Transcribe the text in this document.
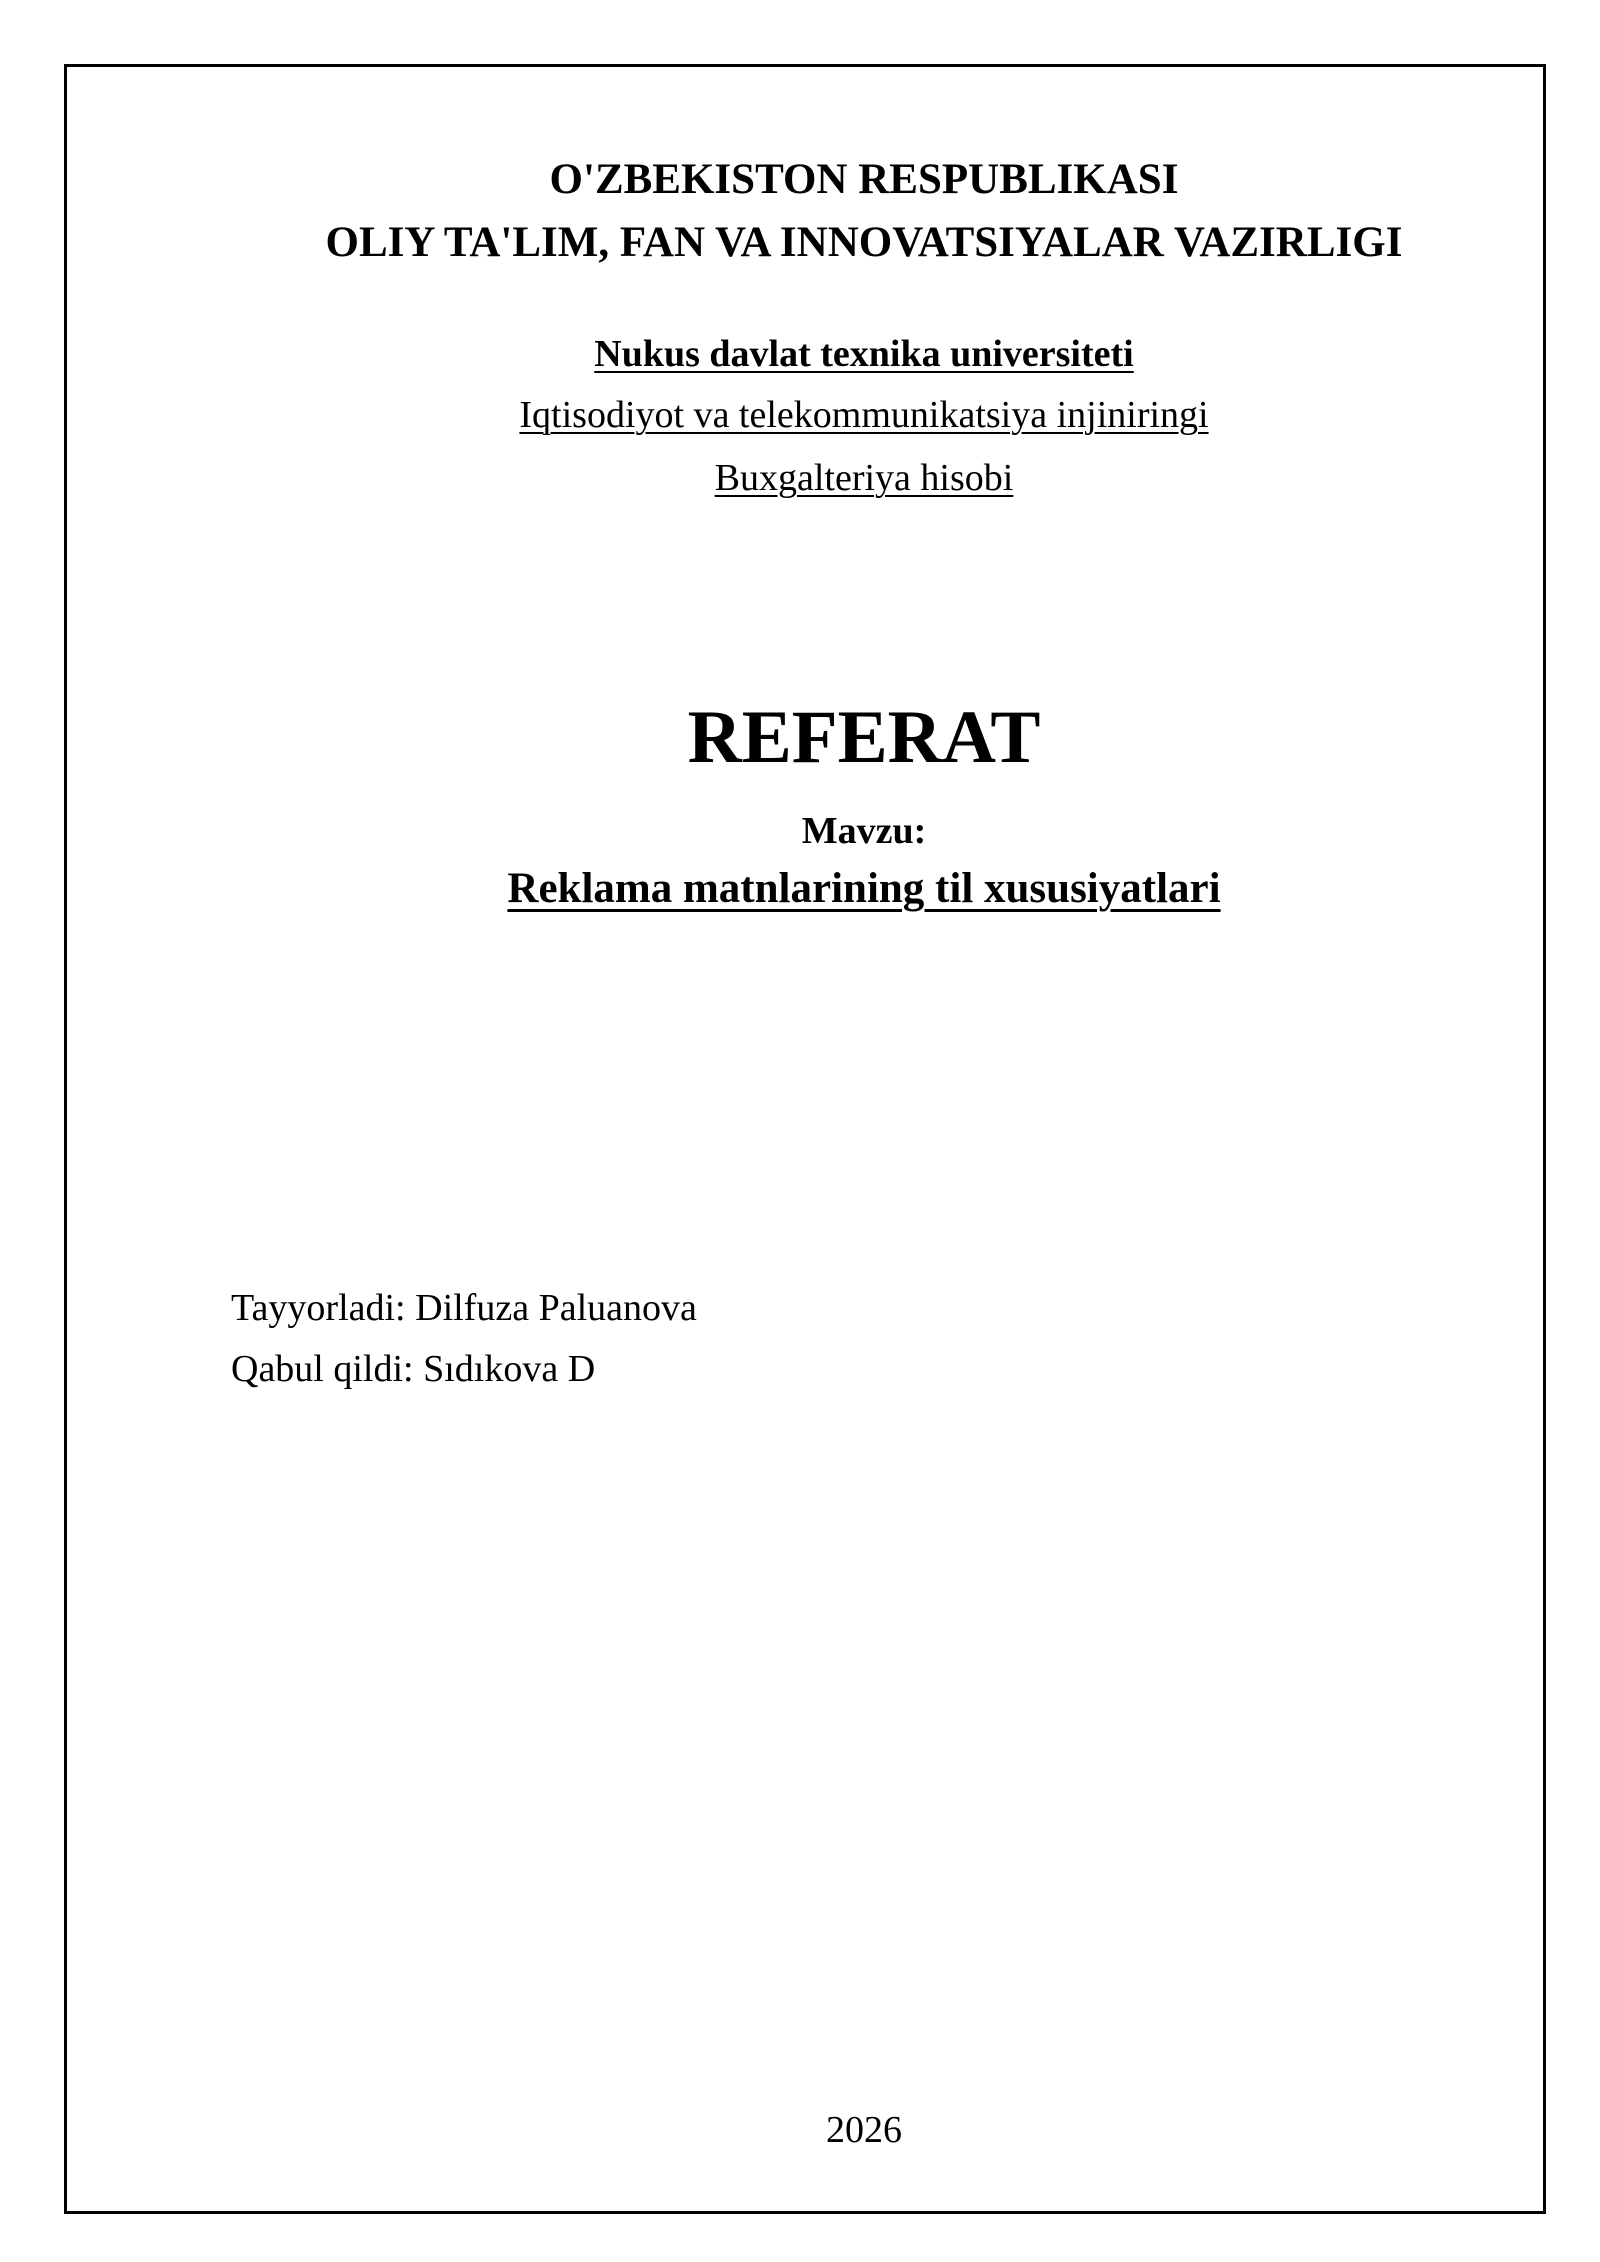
O'ZBEKISTON RESPUBLIKASI
OLIY TA'LIM, FAN VA INNOVATSIYALAR VAZIRLIGI
Nukus davlat texnika universiteti
Iqtisodiyot va telekommunikatsiya injiniringi
Buxgalteriya hisobi
REFERAT
Mavzu:
Reklama matnlarining til xususiyatlari
Tayyorladi: Dilfuza Paluanova
Qabul qildi: Sıdıkova D
2026
